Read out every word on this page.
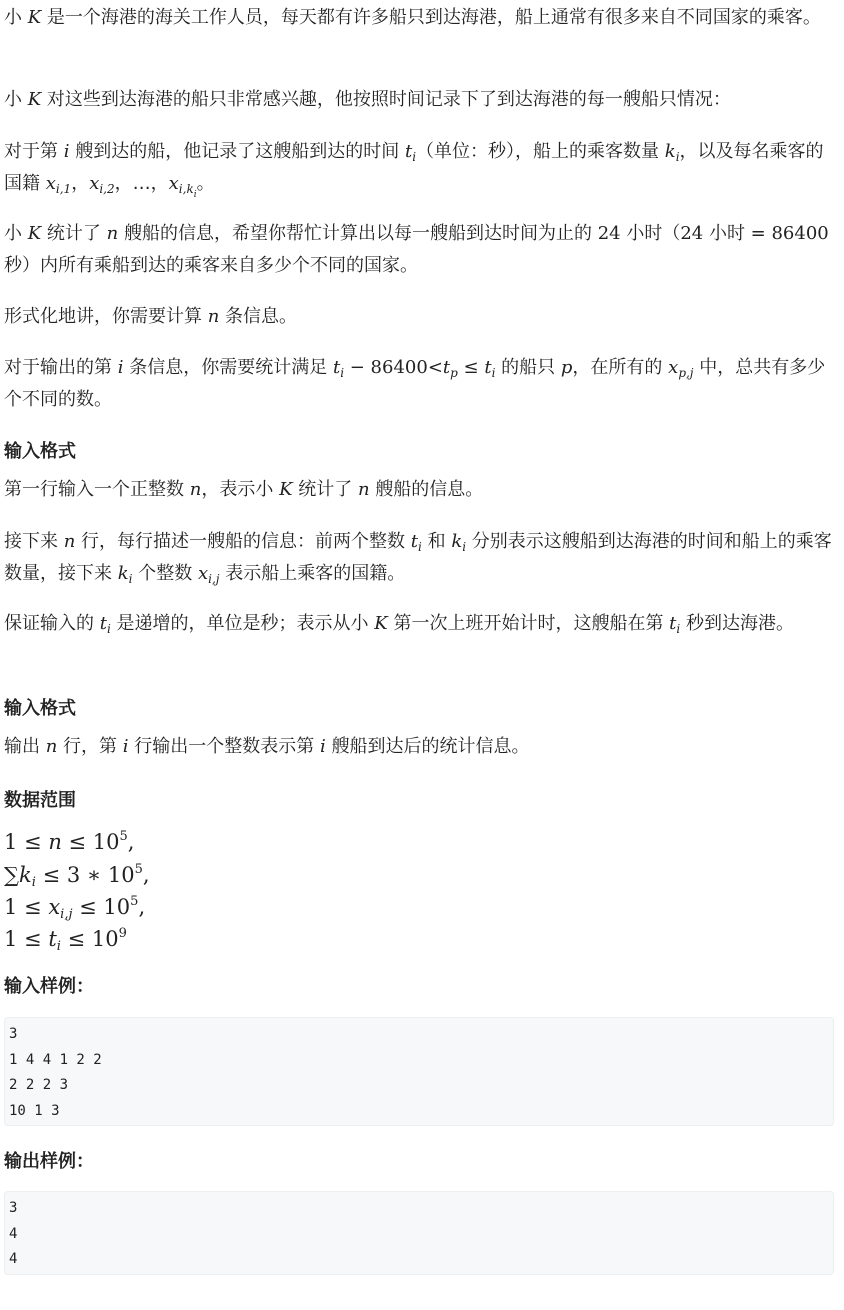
小 K 是一个海港的海关工作人员，每天都有许多船只到达海港，船上通常有很多来自不同国家的乘客。

小 K 对这些到达海港的船只非常感兴趣，他按照时间记录下了到达海港的每一艘船只情况：

对于第 i 艘到达的船，他记录了这艘船到达的时间 $t_i$（单位：秒），船上的乘客数量 $k_i$，以及每名乘客的国籍 $x_{i,1}$，$x_{i,2}$，…，$x_{i,k_i}$。

小 K 统计了 n 艘船的信息，希望你帮忙计算出以每一艘船到达时间为止的 24 小时（24 小时 = 86400 秒）内所有乘船到达的乘客来自多少个不同的国家。

形式化地讲，你需要计算 n 条信息。

对于输出的第 i 条信息，你需要统计满足 $t_i - 86400<t_p \le t_i$ 的船只 p，在所有的 $x_{p,j}$ 中，总共有多少个不同的数。

输入格式

第一行输入一个正整数 n，表示小 K 统计了 n 艘船的信息。

接下来 n 行，每行描述一艘船的信息：前两个整数 $t_i$ 和 $k_i$ 分别表示这艘船到达海港的时间和船上的乘客数量，接下来 $k_i$ 个整数 $x_{i,j}$ 表示船上乘客的国籍。

保证输入的 $t_i$ 是递增的，单位是秒；表示从小 K 第一次上班开始计时，这艘船在第 $t_i$ 秒到达海港。

输入格式

输出 n 行，第 i 行输出一个整数表示第 i 艘船到达后的统计信息。

数据范围
$1 \le n \le 10^5$,
$\sum k_i \le 3$ ∗ $10^5$,
$1 \le x_{i,j} \le 10^5$,
$1 \le t_i \le 10^9$
输入样例：
3
1 4 4 1 2 2
2 2 2 3
10 1 3
输出样例：
3
4
4
